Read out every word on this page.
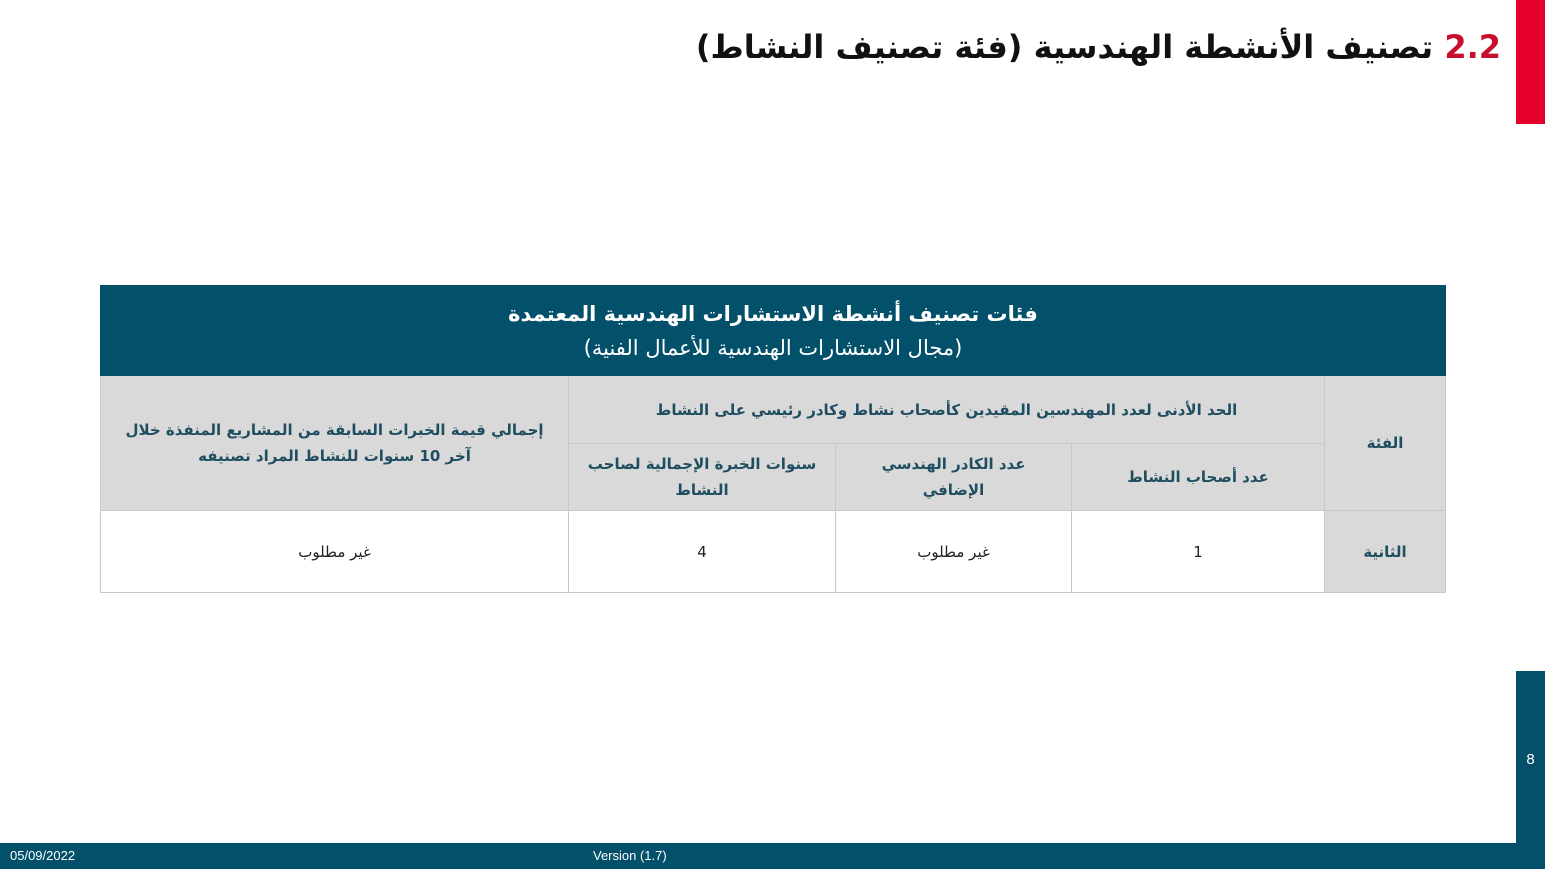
2.2 تصنيف الأنشطة الهندسية (فئة تصنيف النشاط)
فئات تصنيف أنشطة الاستشارات الهندسية المعتمدة
(مجال الاستشارات الهندسية للأعمال الفنية)				

الفئة	الحد الأدنى لعدد المهندسين المقيدين كأصحاب نشاط وكادر رئيسي على النشاط			إجمالي قيمة الخبرات السابقة من المشاريع المنفذة خلال آخر 10 سنوات للنشاط المراد تصنيفه
	عدد أصحاب النشاط	عدد الكادر الهندسي الإضافي	سنوات الخبرة الإجمالية لصاحب النشاط	
الثانية	1	غير مطلوب	4	غير مطلوب
8
05/09/2022	Version (1.7)
